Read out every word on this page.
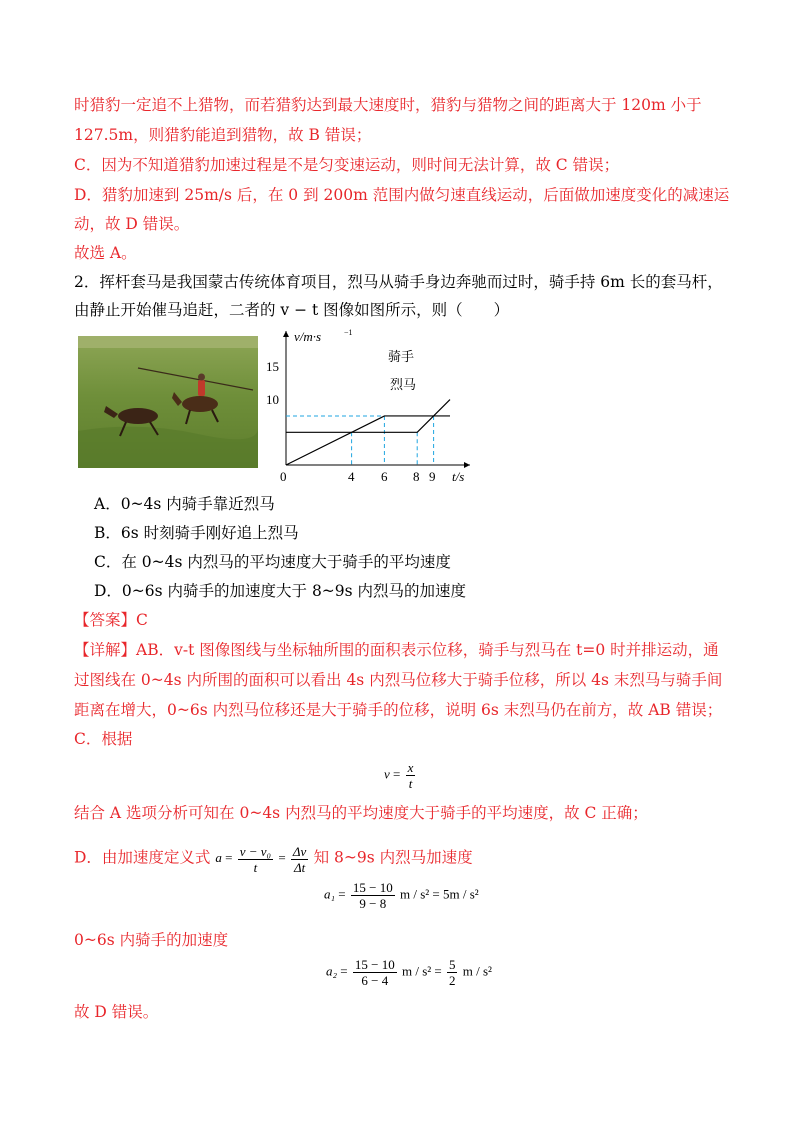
时猎豹一定追不上猎物，而若猎豹达到最大速度时，猎豹与猎物之间的距离大于 120m 小于
127.5m，则猎豹能追到猎物，故 B 错误；
C．因为不知道猎豹加速过程是不是匀变速运动，则时间无法计算，故 C 错误；
D．猎豹加速到 25m/s 后，在 0 到 200m 范围内做匀速直线运动，后面做加速度变化的减速运
动，故 D 错误。
故选 A。
2．挥杆套马是我国蒙古传统体育项目，烈马从骑手身边奔驰而过时，骑手持 6m 长的套马杆，
由静止开始催马追赶，二者的 v − t 图像如图所示，则（　　）
v/m·s	−1
t/s
0
15
10
4 6 8 9
骑手
烈马
A．0~4s 内骑手靠近烈马
B．6s 时刻骑手刚好追上烈马
C．在 0~4s 内烈马的平均速度大于骑手的平均速度
D．0~6s 内骑手的加速度大于 8~9s 内烈马的加速度
【答案】C
【详解】AB．v-t 图像图线与坐标轴所围的面积表示位移，骑手与烈马在 t=0 时并排运动，通
过图线在 0~4s 内所围的面积可以看出 4s 内烈马位移大于骑手位移，所以 4s 末烈马与骑手间
距离在增大，0~6s 内烈马位移还是大于骑手的位移，说明 6s 末烈马仍在前方，故 AB 错误；
C．根据
$v = \frac{x}{t}$
结合 A 选项分析可知在 0~4s 内烈马的平均速度大于骑手的平均速度，故 C 正确；
D．由加速度定义式 $a = \frac{\text{v − v₀}}{t} = \frac{\Delta v}{\Delta t}$ 知 8~9s 内烈马加速度
$a_1 = \frac{15 - 10}{9 - 8}$ m / s² = 5m / s²
0~6s 内骑手的加速度
$a_2 = \frac{15 - 10}{6 - 4}$ $m / s^2 = \frac{5}{2}$ m / s²
故 D 错误。
